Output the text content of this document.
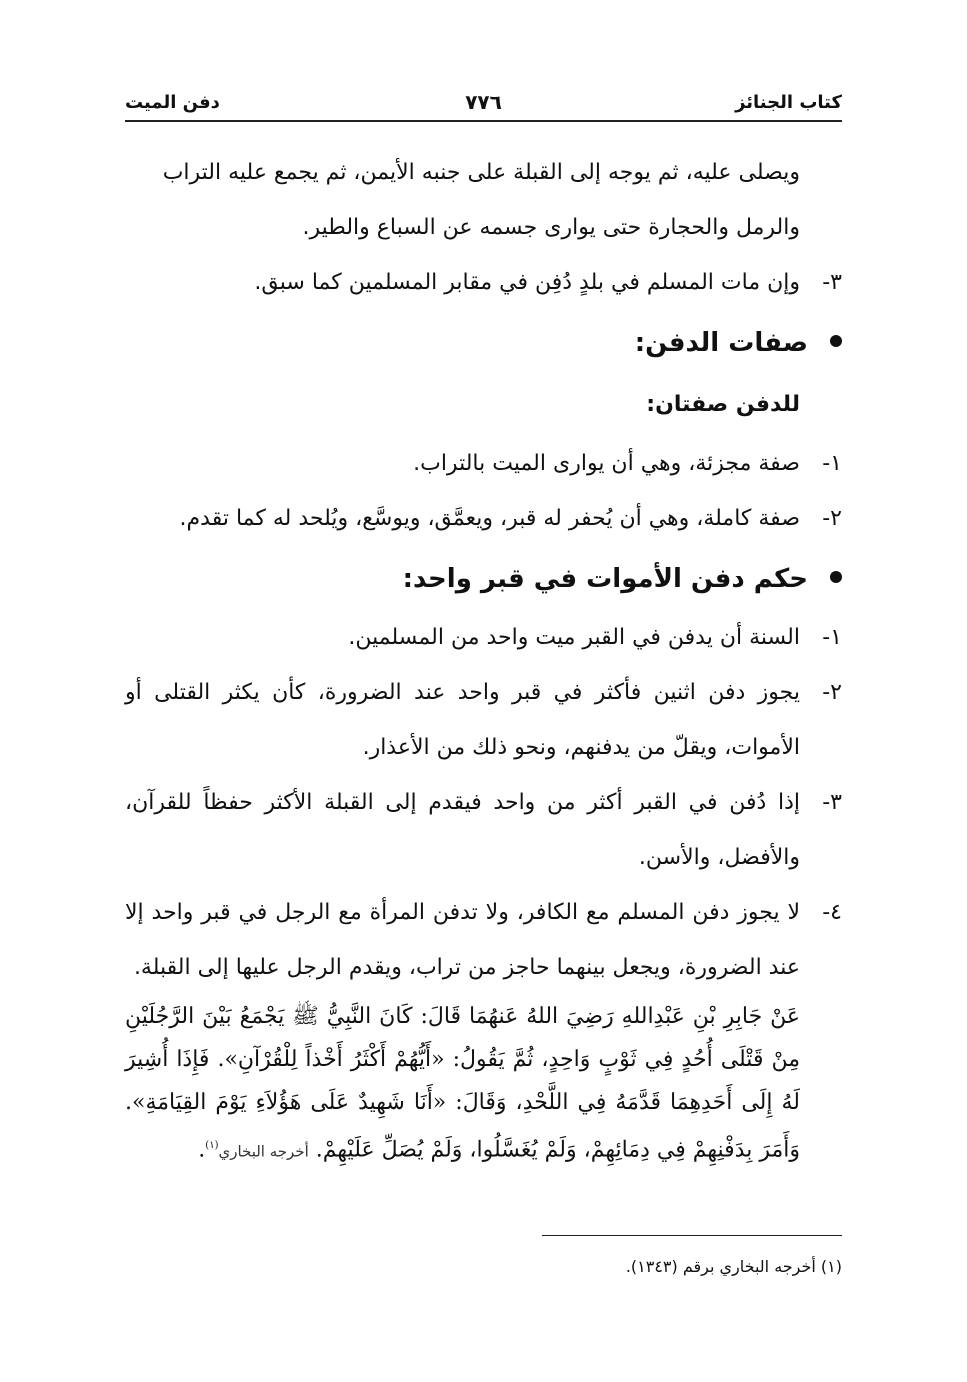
كتاب الجنائز
٧٧٦
دفن الميت
ويصلى عليه، ثم يوجه إلى القبلة على جنبه الأيمن، ثم يجمع عليه التراب
والرمل والحجارة حتى يوارى جسمه عن السباع والطير.
٣-
وإن مات المسلم في بلدٍ دُفِن في مقابر المسلمين كما سبق.
صفات الدفن:
للدفن صفتان:
١-
صفة مجزئة، وهي أن يوارى الميت بالتراب.
٢-
صفة كاملة، وهي أن يُحفر له قبر، ويعمَّق، ويوسَّع، ويُلحد له كما تقدم.
حكم دفن الأموات في قبر واحد:
١-
السنة أن يدفن في القبر ميت واحد من المسلمين.
٢-
يجوز دفن اثنين فأكثر في قبر واحد عند الضرورة، كأن يكثر القتلى أو الأموات، ويقلّ من يدفنهم، ونحو ذلك من الأعذار.
٣-
إذا دُفن في القبر أكثر من واحد فيقدم إلى القبلة الأكثر حفظاً للقرآن، والأفضل، والأسن.
٤-
لا يجوز دفن المسلم مع الكافر، ولا تدفن المرأة مع الرجل في قبر واحد إلا عند الضرورة، ويجعل بينهما حاجز من تراب، ويقدم الرجل عليها إلى القبلة.
عَنْ جَابِرِ بْنِ عَبْدِاللهِ رَضِيَ اللهُ عَنهُمَا قَالَ: كَانَ النَّبِيُّ ﷺ يَجْمَعُ بَيْنَ الرَّجُلَيْنِ مِنْ قَتْلَى أُحُدٍ فِي ثَوْبٍ وَاحِدٍ، ثُمَّ يَقُولُ: «أَيُّهُمْ أَكْثَرُ أَخْذاً لِلْقُرْآنِ». فَإِذَا أُشِيرَ لَهُ إِلَى أَحَدِهِمَا قَدَّمَهُ فِي اللَّحْدِ، وَقَالَ: «أَنَا شَهِيدٌ عَلَى هَؤُلاَءِ يَوْمَ القِيَامَةِ». وَأَمَرَ بِدَفْنِهِمْ فِي دِمَائِهِمْ، وَلَمْ يُغَسَّلُوا، وَلَمْ يُصَلِّ عَلَيْهِمْ. أخرجه البخاري$^{(١)}$.
(١) أخرجه البخاري برقم (١٣٤٣).
